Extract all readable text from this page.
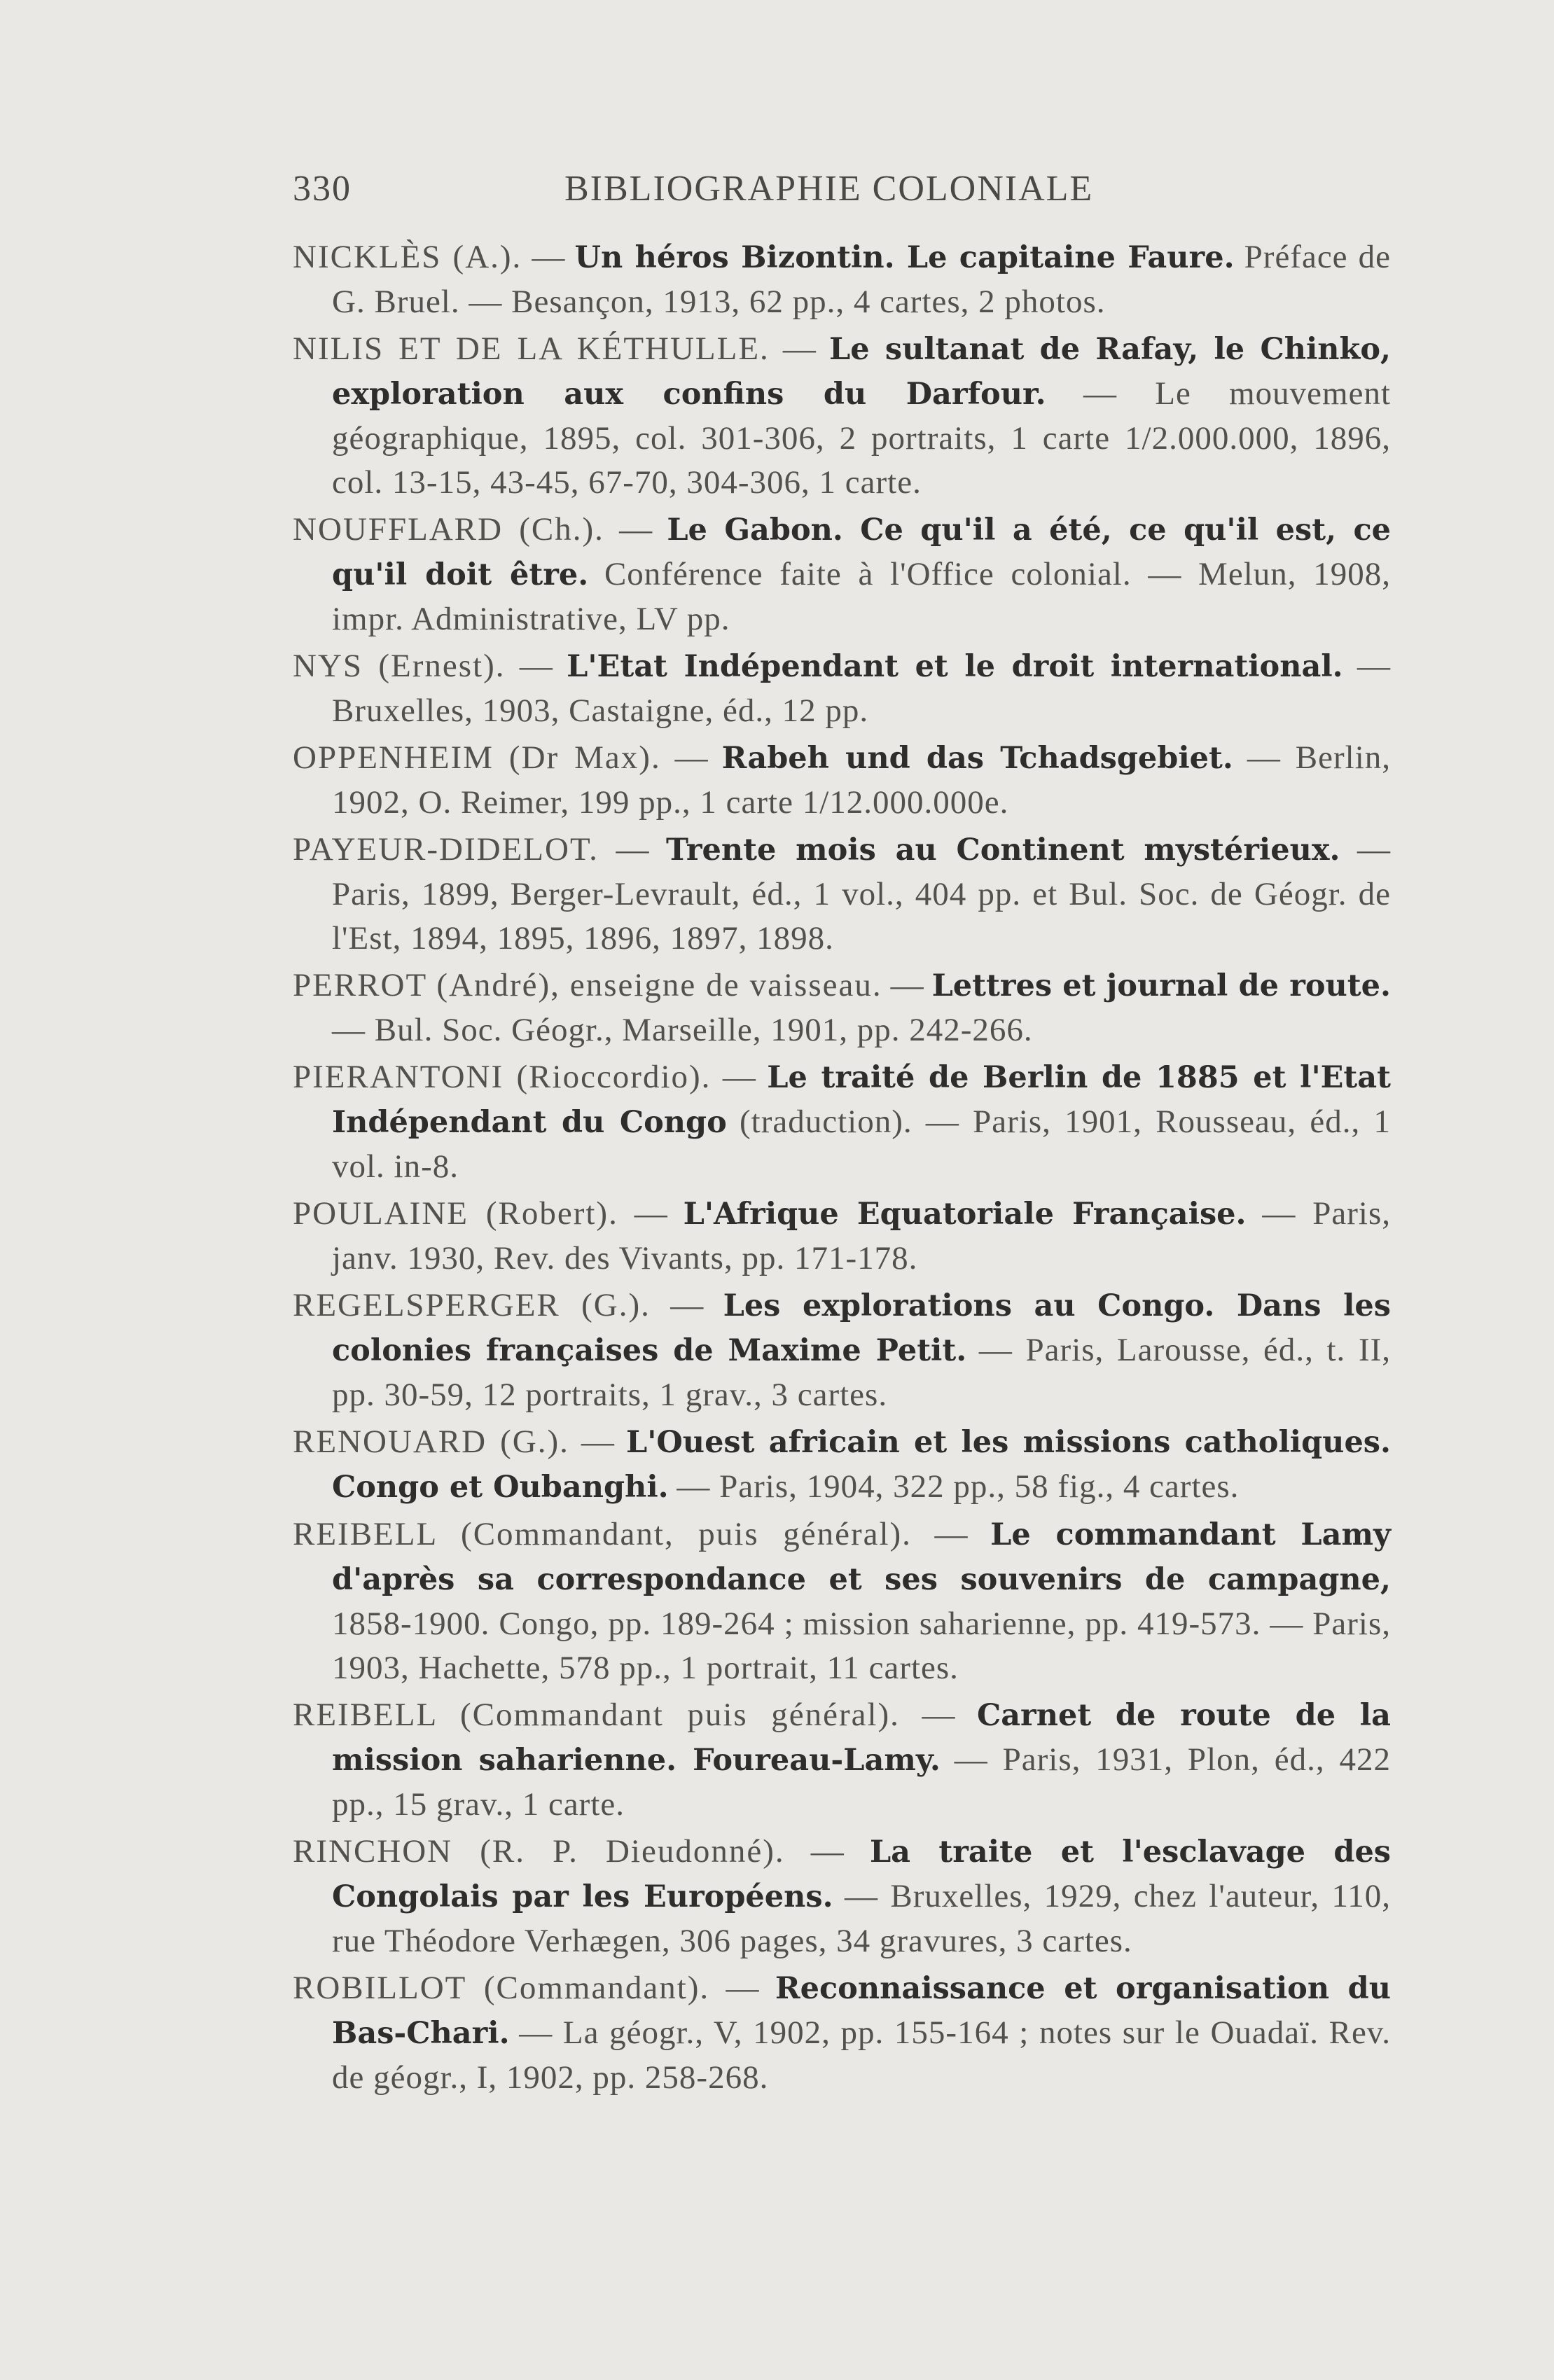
330	BIBLIOGRAPHIE COLONIALE

NICKLÈS (A.). — Un héros Bizontin. Le capitaine Faure. Préface de G. Bruel. — Besançon, 1913, 62 pp., 4 cartes, 2 photos.

NILIS ET DE LA KÉTHULLE. — Le sultanat de Rafay, le Chinko, exploration aux confins du Darfour. — Le mouvement géographique, 1895, col. 301-306, 2 portraits, 1 carte 1/2.000.000, 1896, col. 13-15, 43-45, 67-70, 304-306, 1 carte.

NOUFFLARD (Ch.). — Le Gabon. Ce qu'il a été, ce qu'il est, ce qu'il doit être. Conférence faite à l'Office colonial. — Melun, 1908, impr. Administrative, LV pp.

NYS (Ernest). — L'Etat Indépendant et le droit international. — Bruxelles, 1903, Castaigne, éd., 12 pp.

OPPENHEIM (Dr Max). — Rabeh und das Tchadsgebiet. — Berlin, 1902, O. Reimer, 199 pp., 1 carte 1/12.000.000e.

PAYEUR-DIDELOT. — Trente mois au Continent mystérieux. — Paris, 1899, Berger-Levrault, éd., 1 vol., 404 pp. et Bul. Soc. de Géogr. de l'Est, 1894, 1895, 1896, 1897, 1898.

PERROT (André), enseigne de vaisseau. — Lettres et journal de route. — Bul. Soc. Géogr., Marseille, 1901, pp. 242-266.

PIERANTONI (Rioccordio). — Le traité de Berlin de 1885 et l'Etat Indépendant du Congo (traduction). — Paris, 1901, Rousseau, éd., 1 vol. in-8.

POULAINE (Robert). — L'Afrique Equatoriale Française. — Paris, janv. 1930, Rev. des Vivants, pp. 171-178.

REGELSPERGER (G.). — Les explorations au Congo. Dans les colonies françaises de Maxime Petit. — Paris, Larousse, éd., t. II, pp. 30-59, 12 portraits, 1 grav., 3 cartes.

RENOUARD (G.). — L'Ouest africain et les missions catholiques. Congo et Oubanghi. — Paris, 1904, 322 pp., 58 fig., 4 cartes.

REIBELL (Commandant, puis général). — Le commandant Lamy d'après sa correspondance et ses souvenirs de campagne, 1858-1900. Congo, pp. 189-264 ; mission saharienne, pp. 419-573. — Paris, 1903, Hachette, 578 pp., 1 portrait, 11 cartes.

REIBELL (Commandant puis général). — Carnet de route de la mission saharienne. Foureau-Lamy. — Paris, 1931, Plon, éd., 422 pp., 15 grav., 1 carte.

RINCHON (R. P. Dieudonné). — La traite et l'esclavage des Congolais par les Européens. — Bruxelles, 1929, chez l'auteur, 110, rue Théodore Verhægen, 306 pages, 34 gravures, 3 cartes.

ROBILLOT (Commandant). — Reconnaissance et organisation du Bas-Chari. — La géogr., V, 1902, pp. 155-164 ; notes sur le Ouadaï. Rev. de géogr., I, 1902, pp. 258-268.
